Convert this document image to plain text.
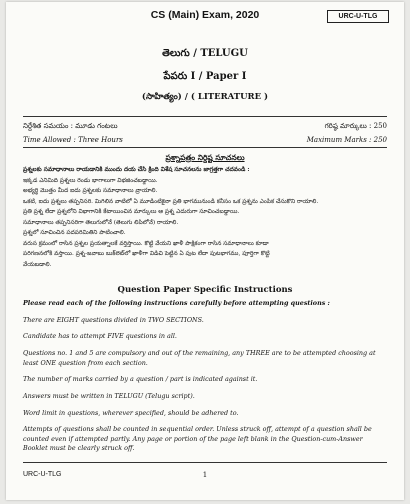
CS (Main) Exam, 2020	URC-U-TLG
తెలుగు / TELUGU
పేపరు I / Paper I
(సాహిత్యం) / ( LITERATURE )
నిర్దేశిత సమయం : మూడు గంటలు
Time Allowed : Three Hours
గరిష్ఠ మార్కులు : 250
Maximum Marks : 250
ప్రశ్నాపత్రం నిర్దిష్ట సూచనలు
ప్రశ్నలకు సమాధానాలు రాయడానికి ముందు దయ చేసి క్రింది విశేష సూచనలను జాగ్రత్తగా చదవండి :
ఇక్కడ ఎనిమిది ప్రశ్నలు రెండు భాగాలుగా విభజించబడ్డాయి.
అభ్యర్థి మొత్తం మీద ఐదు ప్రశ్నలకు సమాధానాలు వ్రాయాలి.
ఒకటి, ఐదు ప్రశ్నలు తప్పనిసరి. మిగిలిన వాటిలో ఏ మూడింటికైనా ప్రతి భాగమునుండి కనీసం ఒక ప్రశ్నను ఎంపిక చేసుకొని రాయాలి.
ప్రతి ప్రశ్న లేదా ప్రశ్నలోని విభాగానికి కేటాయించిన మార్కులు ఆ ప్రశ్న ఎదురుగా సూచించబడ్డాయి.
సమాధానాలు తప్పనిసరిగా తెలుగులోనే (తెలుగు లిపిలోనే) రాయాలి.
ప్రశ్నలో సూచించిన పదపరిమితిని పాటించాలి.
వరుస క్రమంలో రాసిన ప్రశ్నల ప్రయత్నాలకే వర్తిస్తాయి. కొట్టి వేయని ఖాళీ పాక్షికంగా రాసిన సమాధానాలు కూడా
పరిగణనలోకి వస్తాయి. ప్రశ్న-జవాబు బుక్‌లెట్‌లో ఖాళీగా విడిచి పెట్టిన ఏ పుట లేదా పుటభాగము, పూర్తిగా కొట్టి
వేయబడాలి.
Question Paper Specific Instructions

Please read each of the following instructions carefully before attempting questions :

There are EIGHT questions divided in TWO SECTIONS.

Candidate has to attempt FIVE questions in all.

Questions no. 1 and 5 are compulsory and out of the remaining, any THREE are to be attempted choosing at least ONE question from each section.

The number of marks carried by a question / part is indicated against it.

Answers must be written in TELUGU (Telugu script).

Word limit in questions, wherever specified, should be adhered to.

Attempts of questions shall be counted in sequential order. Unless struck off, attempt of a question shall be counted even if attempted partly. Any page or portion of the page left blank in the Question-cum-Answer Booklet must be clearly struck off.

URC-U-TLG	1
